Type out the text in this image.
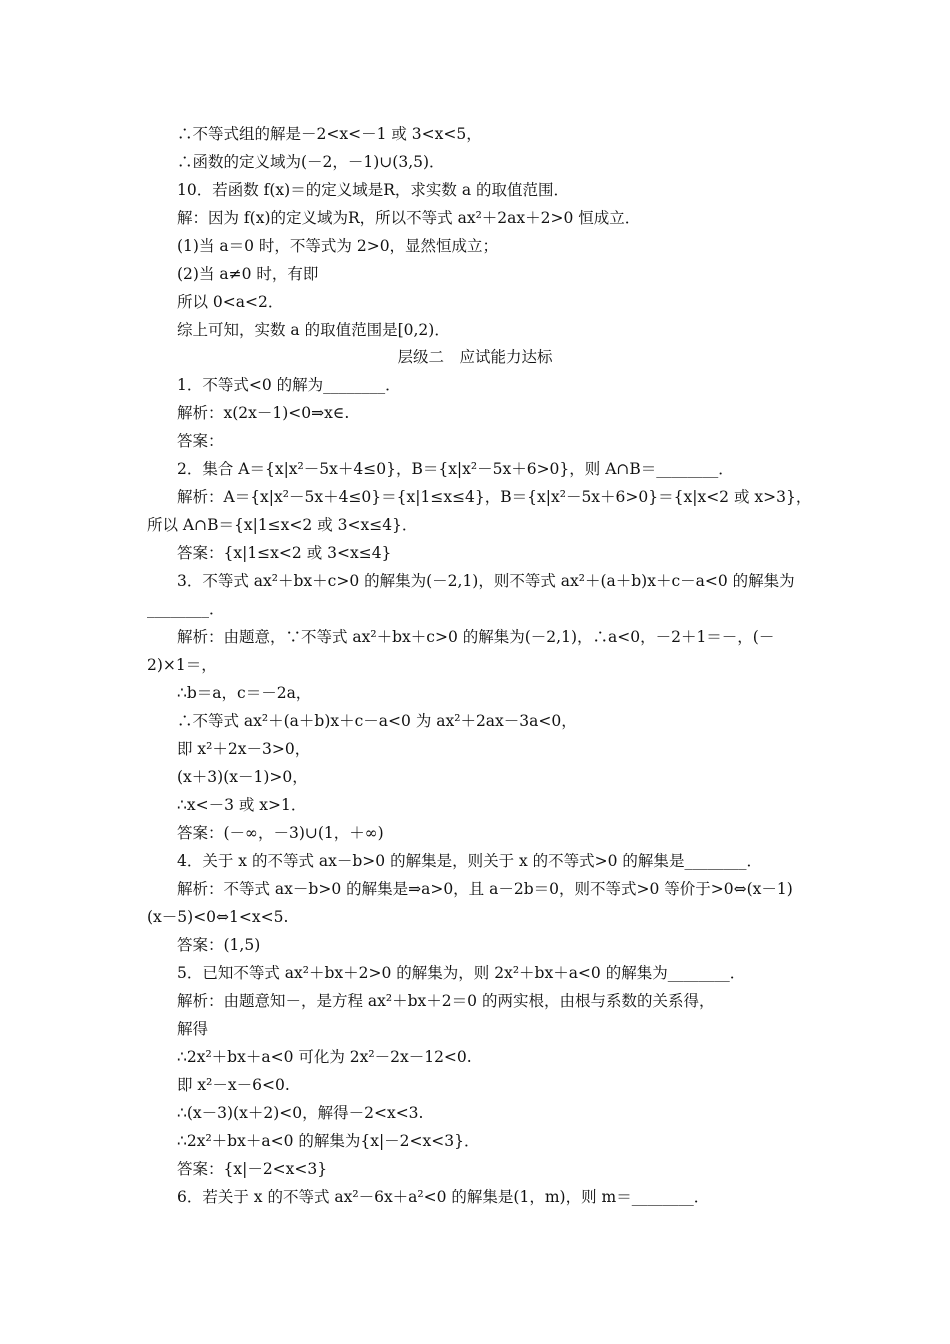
∴不等式组的解是－2<x<－1 或 3<x<5，
∴函数的定义域为(－2，－1)∪(3,5)．
10．若函数 f(x)＝的定义域是R，求实数 a 的取值范围．
解：因为 f(x)的定义域为R，所以不等式 ax²＋2ax＋2>0 恒成立．
(1)当 a＝0 时，不等式为 2>0，显然恒成立；
(2)当 a≠0 时，有即
所以 0<a<2．
综上可知，实数 a 的取值范围是[0,2)．
层级二　应试能力达标
1．不等式<0 的解为________．
解析：x(2x－1)<0⇒x∈.
答案：
2．集合 A＝{x|x²－5x＋4≤0}，B＝{x|x²－5x＋6>0}，则 A∩B＝________．
解析：A＝{x|x²－5x＋4≤0}＝{x|1≤x≤4}，B＝{x|x²－5x＋6>0}＝{x|x<2 或 x>3}，
所以 A∩B＝{x|1≤x<2 或 3<x≤4}．
答案：{x|1≤x<2 或 3<x≤4}
3．不等式 ax²＋bx＋c>0 的解集为(－2,1)，则不等式 ax²＋(a＋b)x＋c－a<0 的解集为
________．
解析：由题意，∵不等式 ax²＋bx＋c>0 的解集为(－2,1)，∴a<0，－2＋1＝－，(－
2)×1＝，
∴b＝a，c＝－2a，
∴不等式 ax²＋(a＋b)x＋c－a<0 为 ax²＋2ax－3a<0，
即 x²＋2x－3>0，
(x＋3)(x－1)>0，
∴x<－3 或 x>1．
答案：(－∞，－3)∪(1，＋∞)
4．关于 x 的不等式 ax－b>0 的解集是，则关于 x 的不等式>0 的解集是________．
解析：不等式 ax－b>0 的解集是⇒a>0，且 a－2b＝0，则不等式>0 等价于>0⇔(x－1)
(x－5)<0⇔1<x<5.
答案：(1,5)
5．已知不等式 ax²＋bx＋2>0 的解集为，则 2x²＋bx＋a<0 的解集为________．
解析：由题意知－，是方程 ax²＋bx＋2＝0 的两实根，由根与系数的关系得，
解得
∴2x²＋bx＋a<0 可化为 2x²－2x－12<0.
即 x²－x－6<0.
∴(x－3)(x＋2)<0，解得－2<x<3.
∴2x²＋bx＋a<0 的解集为{x|－2<x<3}．
答案：{x|－2<x<3}
6．若关于 x 的不等式 ax²－6x＋a²<0 的解集是(1，m)，则 m＝________．
